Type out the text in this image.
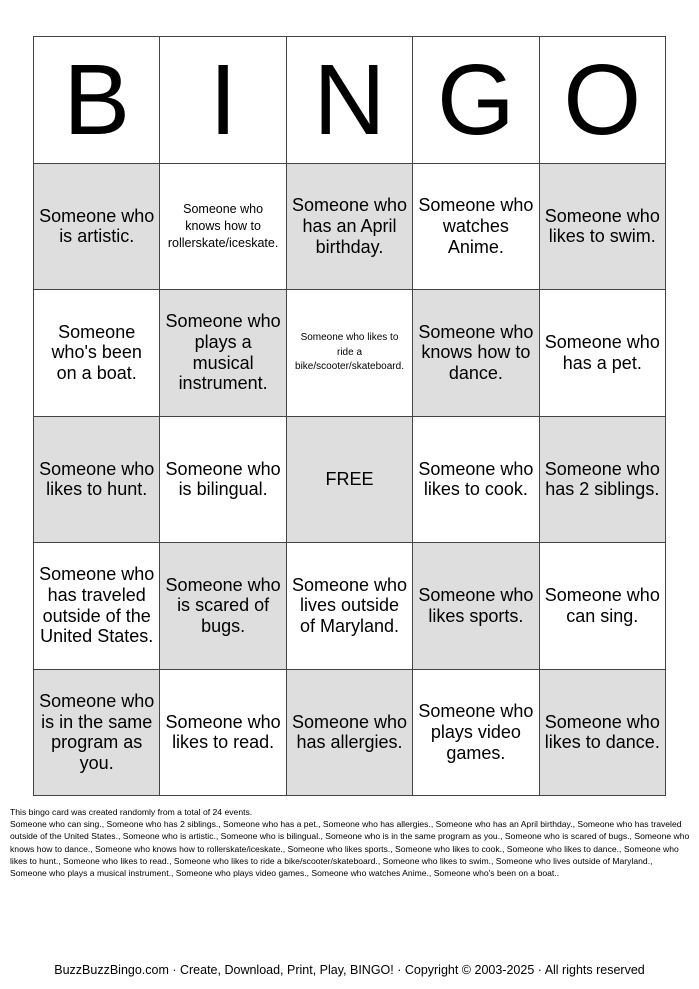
B I N G O
Someone who is artistic.
Someone who knows how to rollerskate/iceskate.
Someone who has an April birthday.
Someone who watches Anime.
Someone who likes to swim.
Someone who's been on a boat.
Someone who plays a musical instrument.
Someone who likes to ride a bike/scooter/skateboard.
Someone who knows how to dance.
Someone who has a pet.
Someone who likes to hunt.
Someone who is bilingual.
FREE
Someone who likes to cook.
Someone who has 2 siblings.
Someone who has traveled outside of the United States.
Someone who is scared of bugs.
Someone who lives outside of Maryland.
Someone who likes sports.
Someone who can sing.
Someone who is in the same program as you.
Someone who likes to read.
Someone who has allergies.
Someone who plays video games.
Someone who likes to dance.

This bingo card was created randomly from a total of 24 events.

Someone who can sing., Someone who has 2 siblings., Someone who has a pet., Someone who has allergies., Someone who has an April birthday., Someone who has traveled outside of the United States., Someone who is artistic., Someone who is bilingual., Someone who is in the same program as you., Someone who is scared of bugs., Someone who knows how to dance., Someone who knows how to rollerskate/iceskate., Someone who likes sports., Someone who likes to cook., Someone who likes to dance., Someone who likes to hunt., Someone who likes to read., Someone who likes to ride a bike/scooter/skateboard., Someone who likes to swim., Someone who lives outside of Maryland., Someone who plays a musical instrument., Someone who plays video games., Someone who watches Anime., Someone who's been on a boat..

BuzzBuzzBingo.com · Create, Download, Print, Play, BINGO! · Copyright © 2003-2025 · All rights reserved
